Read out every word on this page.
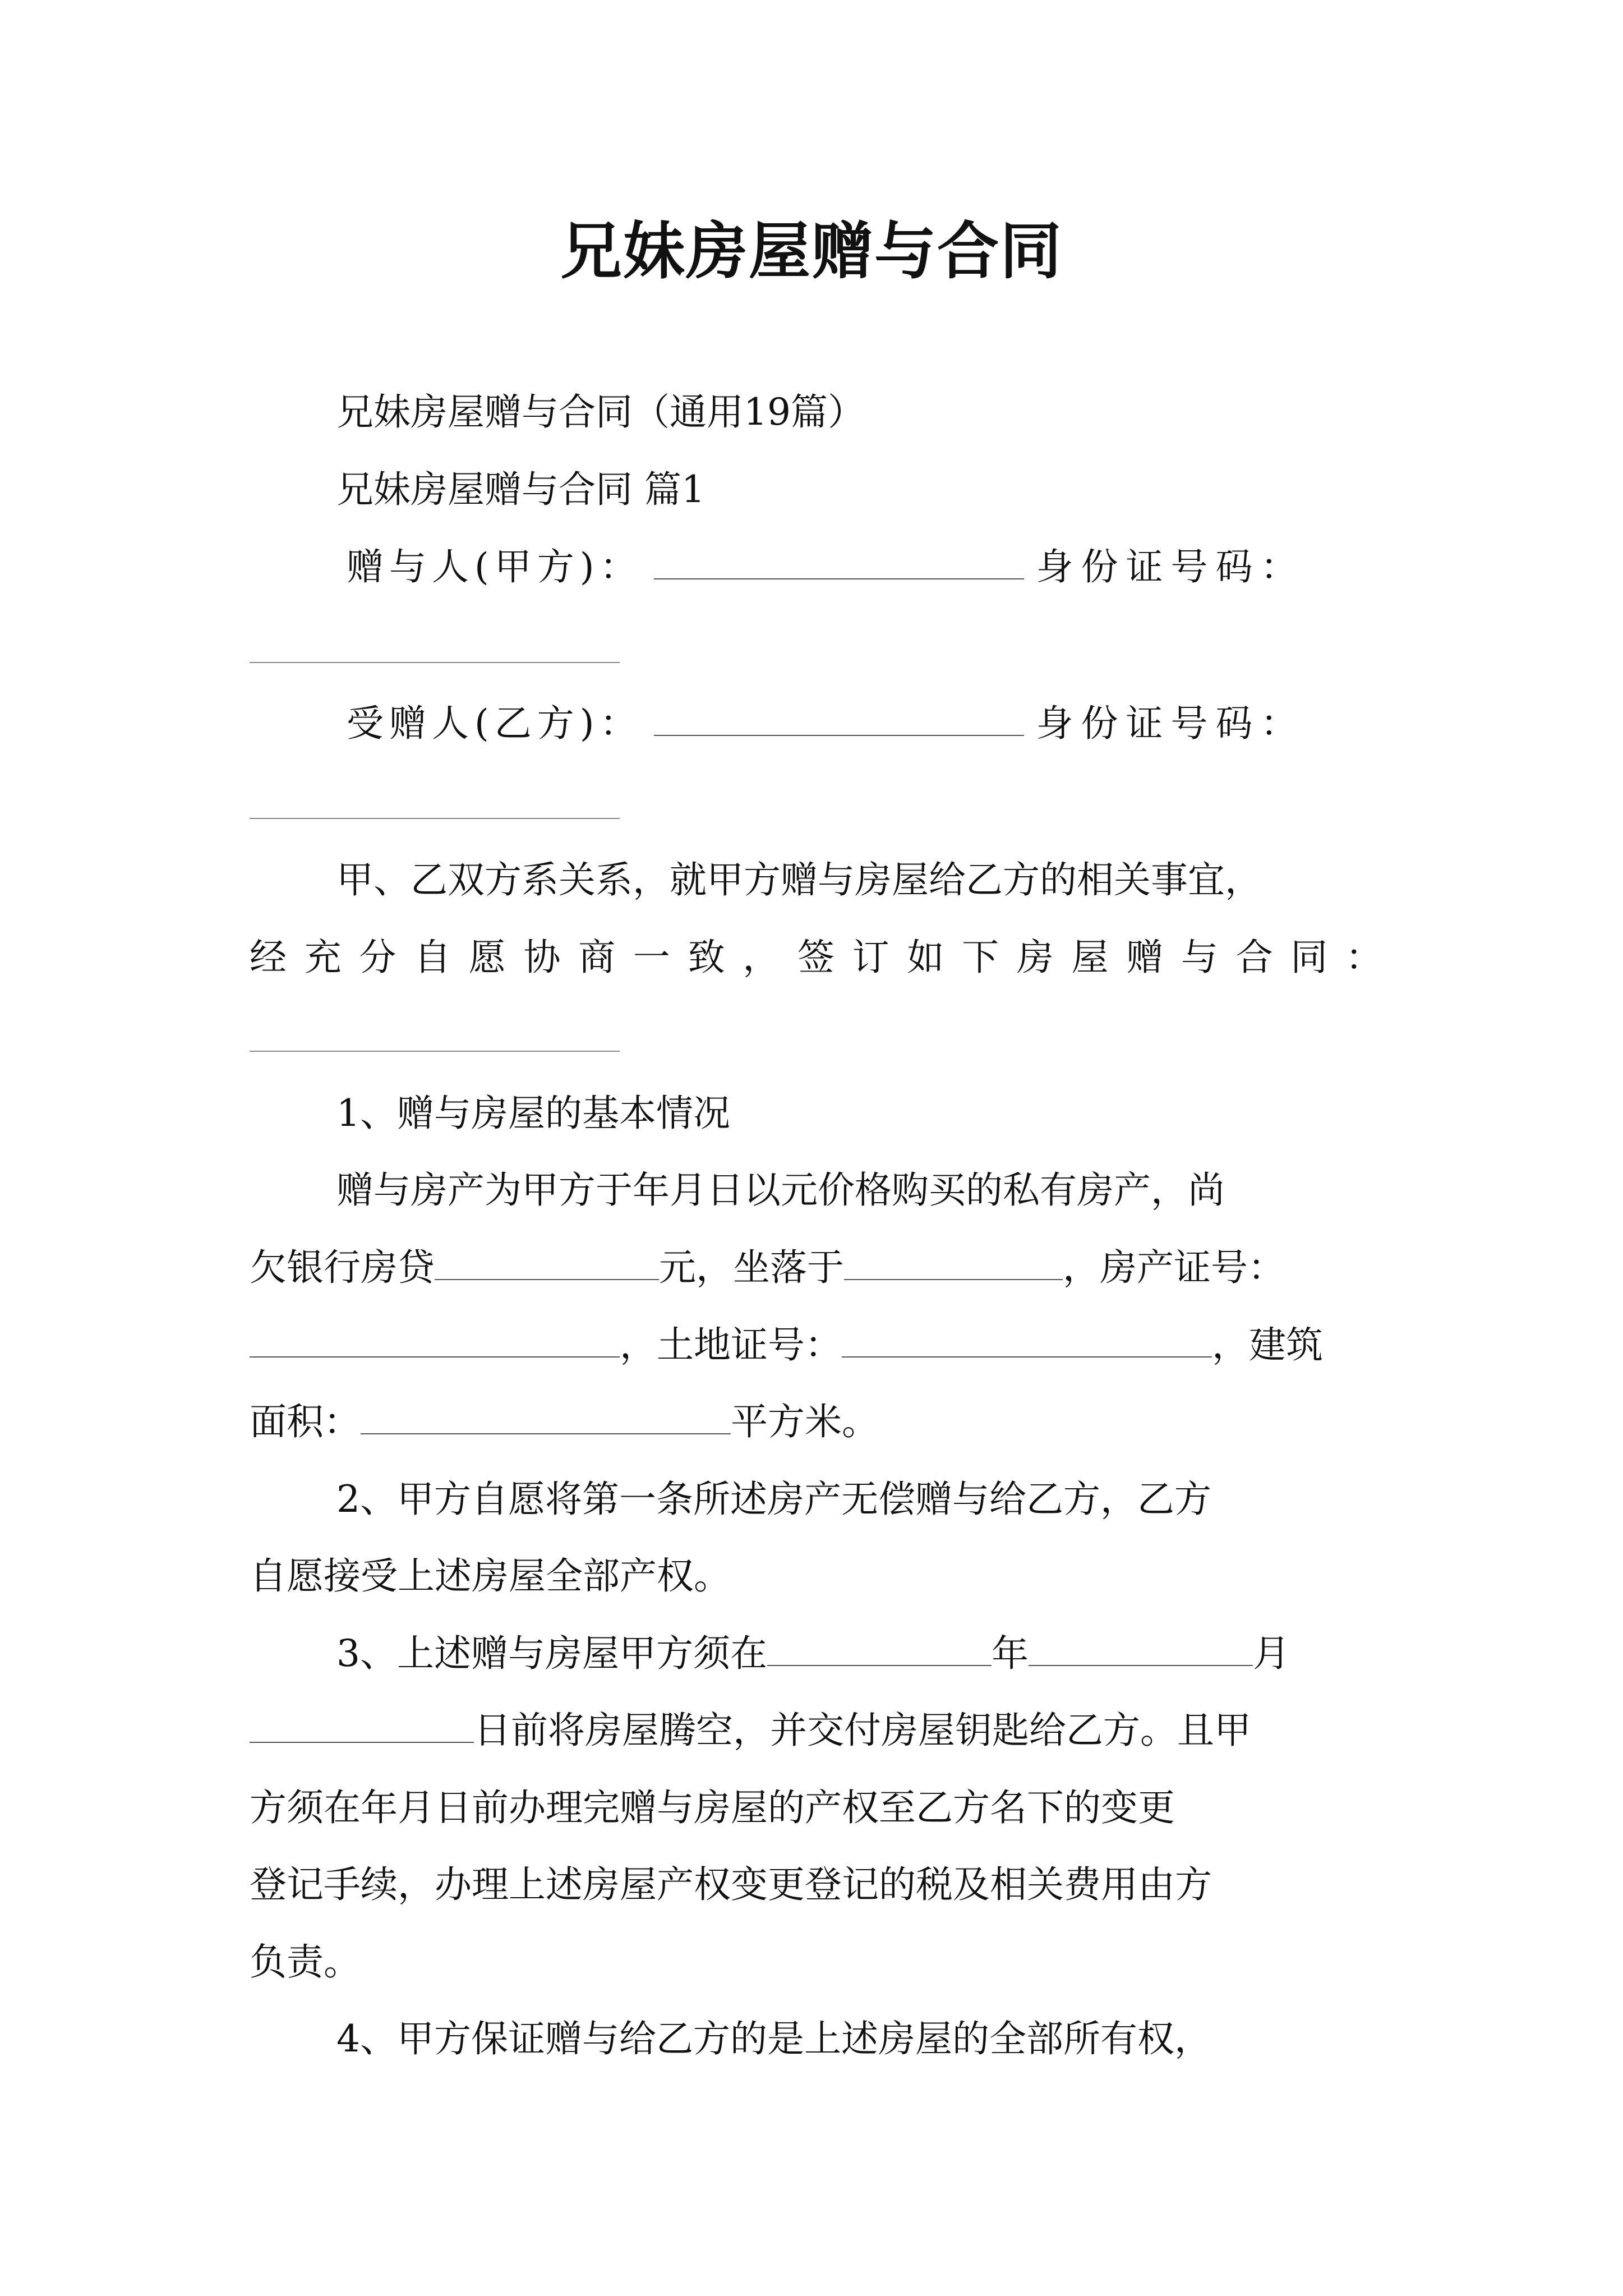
兄妹房屋赠与合同
兄妹房屋赠与合同（通用19篇）
兄妹房屋赠与合同 篇1
赠与人(甲方)：	身份证号码：
受赠人(乙方)：	身份证号码：
甲、乙双方系关系，就甲方赠与房屋给乙方的相关事宜，
经充分自愿协商一致，签订如下房屋赠与合同：
1、赠与房屋的基本情况
赠与房产为甲方于年月日以元价格购买的私有房产，尚
欠银行房贷	元，坐落于	，房产证号：
，土地证号：	，建筑
面积：	平方米。
2、甲方自愿将第一条所述房产无偿赠与给乙方，乙方
自愿接受上述房屋全部产权。
3、上述赠与房屋甲方须在	年	月
日前将房屋腾空，并交付房屋钥匙给乙方。且甲
方须在年月日前办理完赠与房屋的产权至乙方名下的变更
登记手续，办理上述房屋产权变更登记的税及相关费用由方
负责。
4、甲方保证赠与给乙方的是上述房屋的全部所有权，
